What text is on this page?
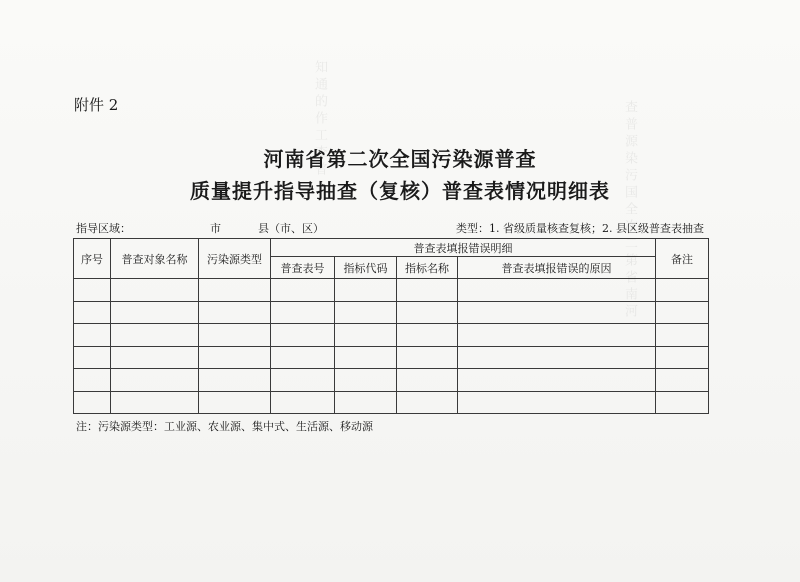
查普源染污国全次二第省南河
知通的作工查普
附件 2
河南省第二次全国污染源普查
质量提升指导抽查（复核）普查表情况明细表
指导区域：	市	县（市、区）	类型：1. 省级质量核查复核；2. 县区级普查表抽查
序号	普查对象名称	污染源类型	普查表填报错误明细				备注
			普查表号	指标代码	指标名称	普查表填报错误的原因	

注：污染源类型：工业源、农业源、集中式、生活源、移动源
